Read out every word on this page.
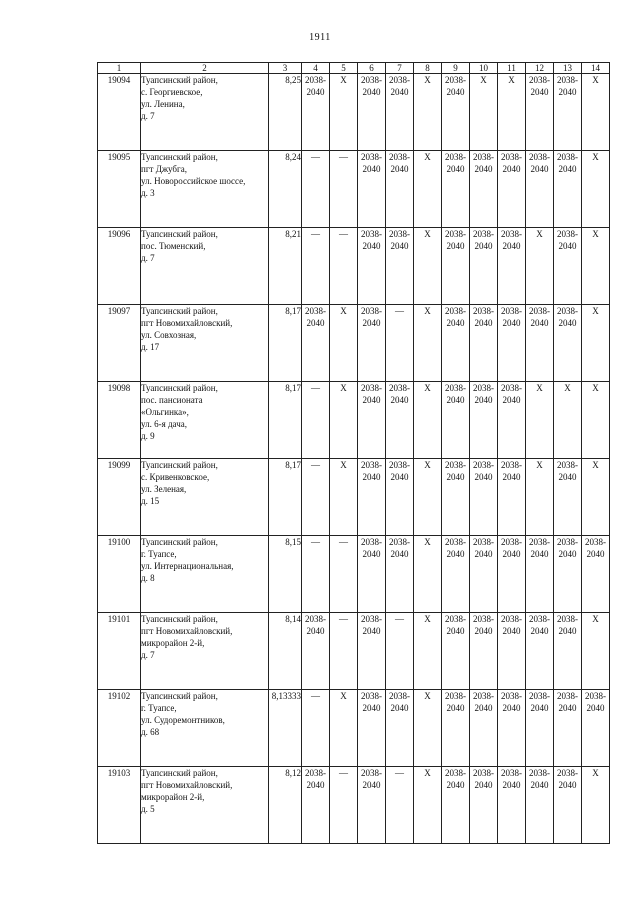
1911
1	2	3	4	5	6	7	8	9	10	11	12	13	14
19094	Туапсинский район,
с. Георгиевское,
ул. Ленина,
д. 7	8,25	2038-2040	X	2038-2040	2038-2040	X	2038-2040	X	X	2038-2040	2038-2040	X
19095	Туапсинский район,
пгт Джубга,
ул. Новороссийское шоссе,
д. 3	8,24	—	—	2038-2040	2038-2040	X	2038-2040	2038-2040	2038-2040	2038-2040	2038-2040	X
19096	Туапсинский район,
пос. Тюменский,
д. 7	8,21	—	—	2038-2040	2038-2040	X	2038-2040	2038-2040	2038-2040	X	2038-2040	X
19097	Туапсинский район,
пгт Новомихайловский,
ул. Совхозная,
д. 17	8,17	2038-2040	X	2038-2040	—	X	2038-2040	2038-2040	2038-2040	2038-2040	2038-2040	X
19098	Туапсинский район,
пос. пансионата
«Ольгинка»,
ул. 6-я дача,
д. 9	8,17	—	X	2038-2040	2038-2040	X	2038-2040	2038-2040	2038-2040	X	X	X
19099	Туапсинский район,
с. Кривенковское,
ул. Зеленая,
д. 15	8,17	—	X	2038-2040	2038-2040	X	2038-2040	2038-2040	2038-2040	X	2038-2040	X
19100	Туапсинский район,
г. Туапсе,
ул. Интернациональная,
д. 8	8,15	—	—	2038-2040	2038-2040	X	2038-2040	2038-2040	2038-2040	2038-2040	2038-2040	2038-2040
19101	Туапсинский район,
пгт Новомихайловский,
микрорайон 2-й,
д. 7	8,14	2038-2040	—	2038-2040	—	X	2038-2040	2038-2040	2038-2040	2038-2040	2038-2040	X
19102	Туапсинский район,
г. Туапсе,
ул. Судоремонтников,
д. 68	8,13333	—	X	2038-2040	2038-2040	X	2038-2040	2038-2040	2038-2040	2038-2040	2038-2040	2038-2040
19103	Туапсинский район,
пгт Новомихайловский,
микрорайон 2-й,
д. 5	8,12	2038-2040	—	2038-2040	—	X	2038-2040	2038-2040	2038-2040	2038-2040	2038-2040	X
